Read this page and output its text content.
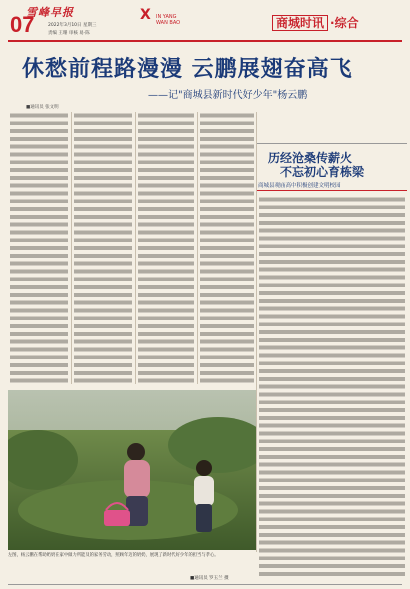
雪峰早报
07	2022年3月10日 星期三
责编 王珊 审核 易·陈
X	IN YANG
WAN BAO	商城时讯 ·综合
休愁前程路漫漫 云鹏展翅奋高飞
——记"商城县新时代好少年"杨云鹏
■通讯员 张文明
左图，杨云鹏在帮助奶奶在家中做力所能及的家务劳动，照顾年迈的奶奶，展现了新时代好少年的担当与孝心。
■通讯员 罗玉兰 摄
历经沧桑传薪火
不忘初心育栋梁
商城县观庙高中积极创建文明校园
